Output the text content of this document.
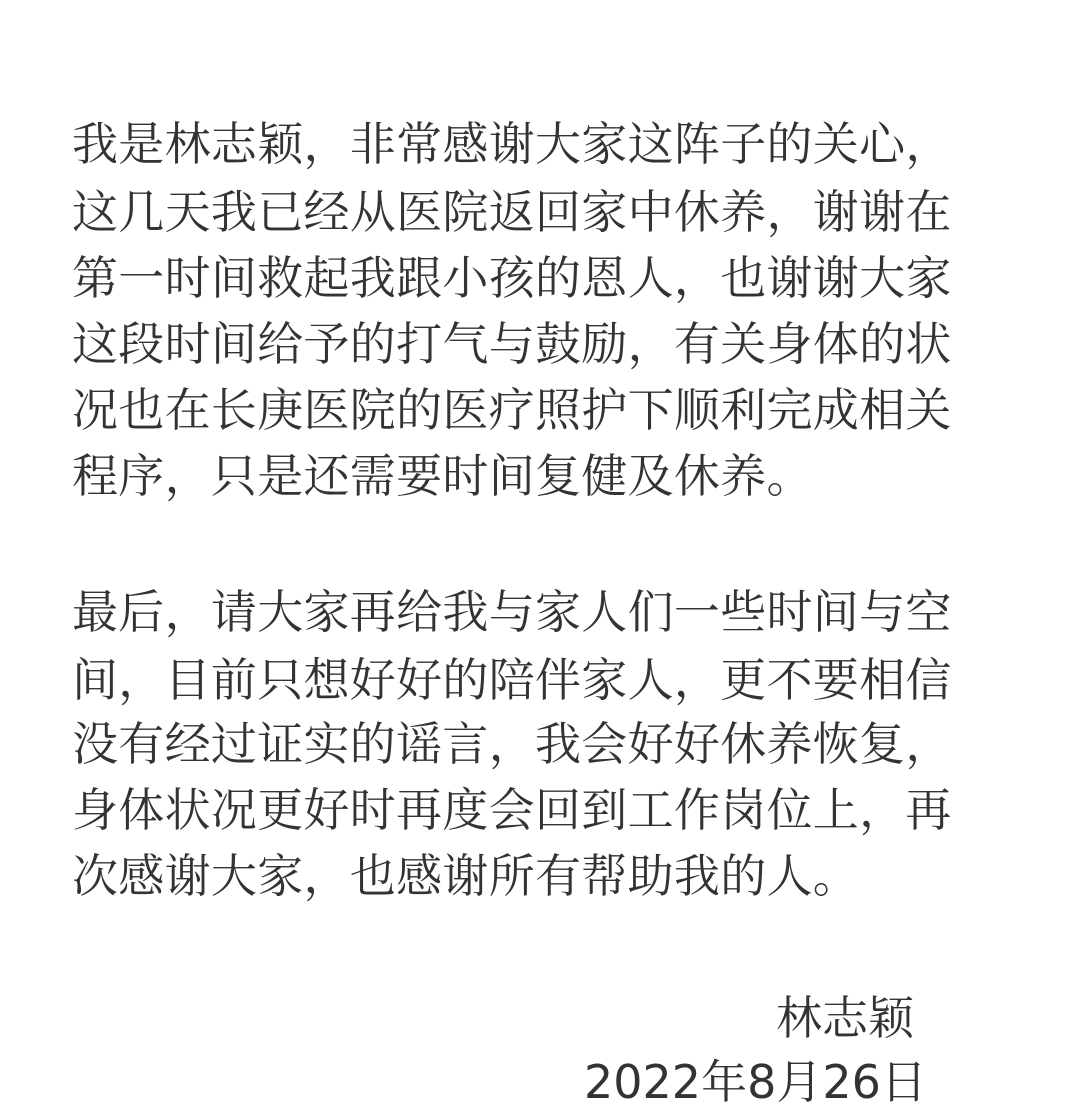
我是林志颖，非常感谢大家这阵子的关心，
这几天我已经从医院返回家中休养，谢谢在
第一时间救起我跟小孩的恩人，也谢谢大家
这段时间给予的打气与鼓励，有关身体的状
况也在长庚医院的医疗照护下顺利完成相关
程序，只是还需要时间复健及休养。
最后，请大家再给我与家人们一些时间与空
间，目前只想好好的陪伴家人，更不要相信
没有经过证实的谣言，我会好好休养恢复，
身体状况更好时再度会回到工作岗位上，再
次感谢大家，也感谢所有帮助我的人。
林志颖
2022年8月26日
